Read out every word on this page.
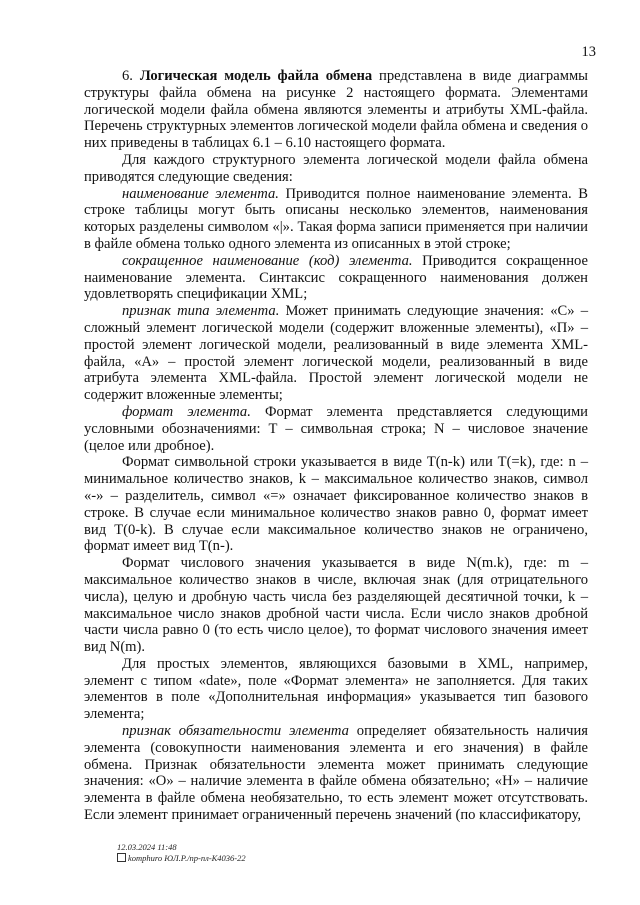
13

6. Логическая модель файла обмена представлена в виде диаграммы структуры файла обмена на рисунке 2 настоящего формата. Элементами логической модели файла обмена являются элементы и атрибуты XML-файла. Перечень структурных элементов логической модели файла обмена и сведения о них приведены в таблицах 6.1 – 6.10 настоящего формата.

Для каждого структурного элемента логической модели файла обмена приводятся следующие сведения:

наименование элемента. Приводится полное наименование элемента. В строке таблицы могут быть описаны несколько элементов, наименования которых разделены символом «|». Такая форма записи применяется при наличии в файле обмена только одного элемента из описанных в этой строке;

сокращенное наименование (код) элемента. Приводится сокращенное наименование элемента. Синтаксис сокращенного наименования должен удовлетворять спецификации XML;

признак типа элемента. Может принимать следующие значения: «С» – сложный элемент логической модели (содержит вложенные элементы), «П» – простой элемент логической модели, реализованный в виде элемента XML-файла, «А» – простой элемент логической модели, реализованный в виде атрибута элемента XML-файла. Простой элемент логической модели не содержит вложенные элементы;

формат элемента. Формат элемента представляется следующими условными обозначениями: Т – символьная строка; N – числовое значение (целое или дробное).

Формат символьной строки указывается в виде Т(n-k) или Т(=k), где: n – минимальное количество знаков, k – максимальное количество знаков, символ «-» – разделитель, символ «=» означает фиксированное количество знаков в строке. В случае если минимальное количество знаков равно 0, формат имеет вид Т(0-k). В случае если максимальное количество знаков не ограничено, формат имеет вид Т(n-).

Формат числового значения указывается в виде N(m.k), где: m – максимальное количество знаков в числе, включая знак (для отрицательного числа), целую и дробную часть числа без разделяющей десятичной точки, k – максимальное число знаков дробной части числа. Если число знаков дробной части числа равно 0 (то есть число целое), то формат числового значения имеет вид N(m).

Для простых элементов, являющихся базовыми в XML, например, элемент с типом «date», поле «Формат элемента» не заполняется. Для таких элементов в поле «Дополнительная информация» указывается тип базового элемента;

признак обязательности элемента определяет обязательность наличия элемента (совокупности наименования элемента и его значения) в файле обмена. Признак обязательности элемента может принимать следующие значения: «О» – наличие элемента в файле обмена обязательно; «Н» – наличие элемента в файле обмена необязательно, то есть элемент может отсутствовать. Если элемент принимает ограниченный перечень значений (по классификатору,

12.03.2024 11:48
komphuro ЮЛ.Р./пр-пл-К4036-22
